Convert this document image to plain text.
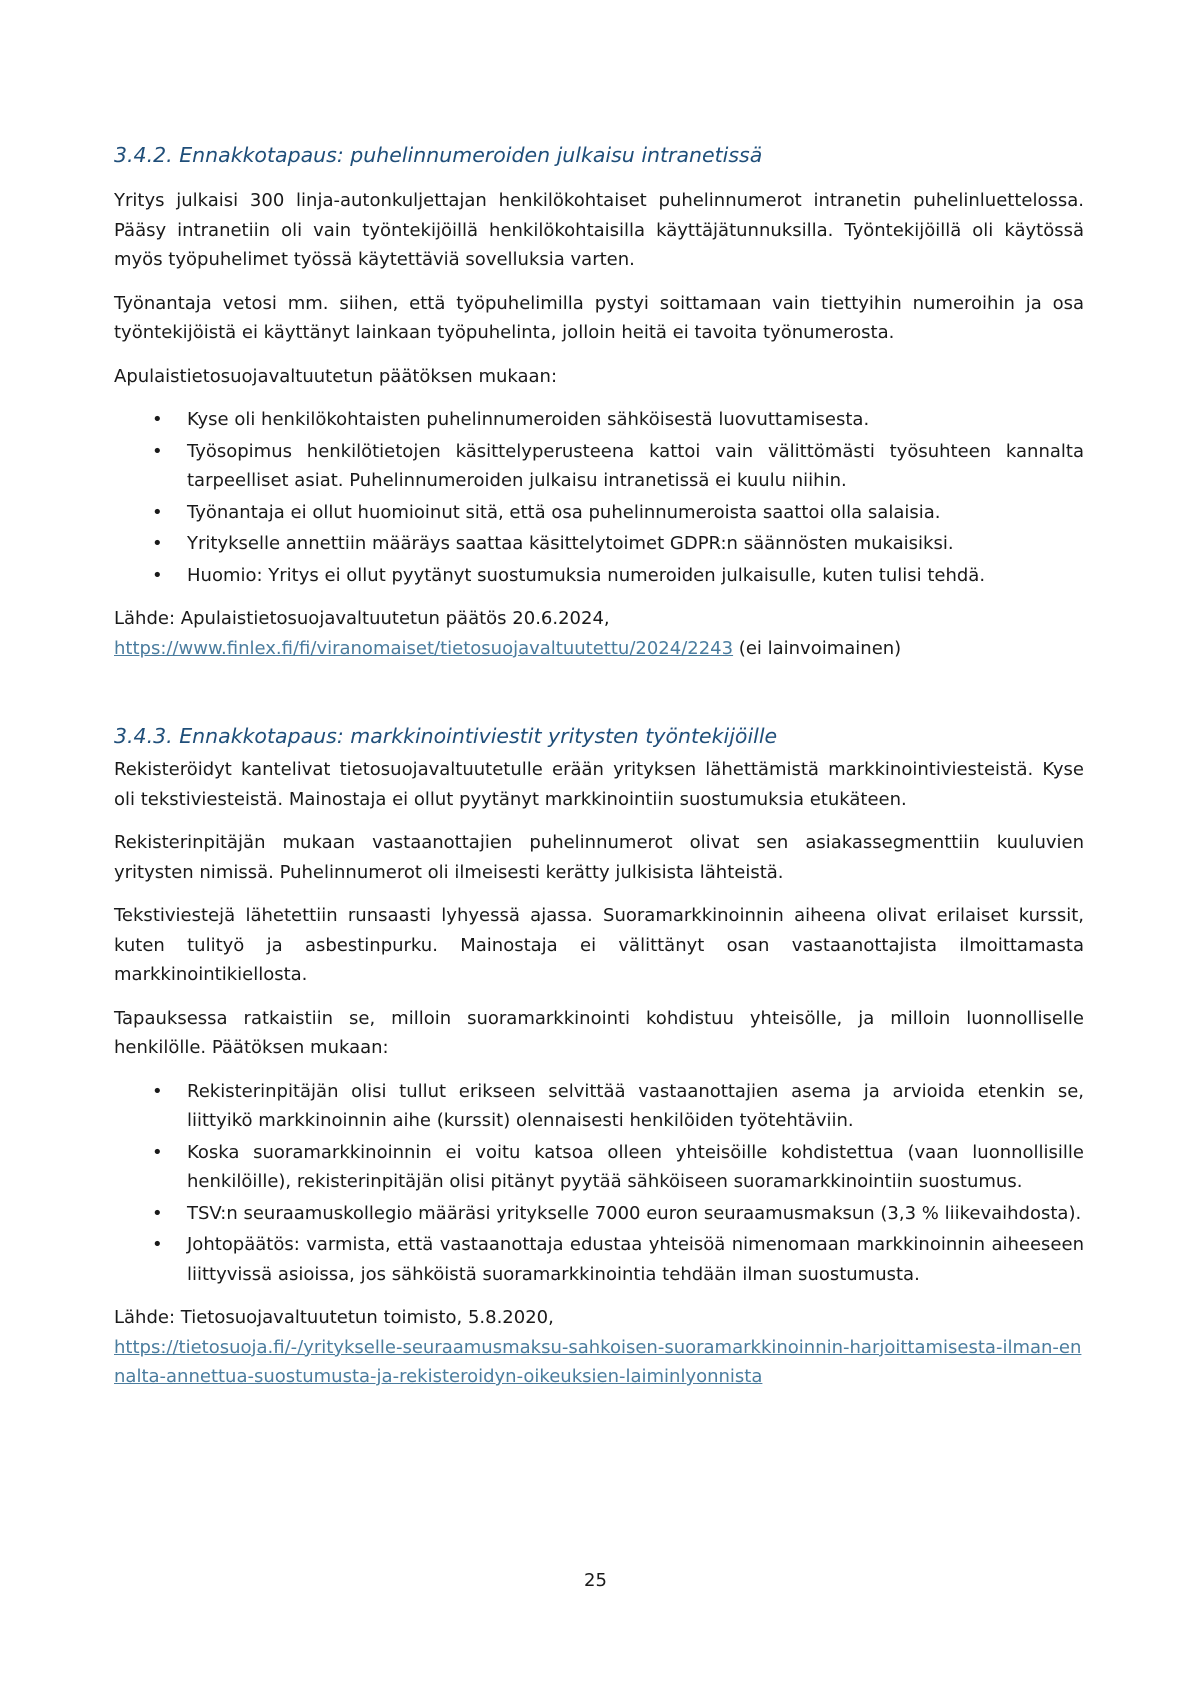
3.4.2. Ennakkotapaus: puhelinnumeroiden julkaisu intranetissä

Yritys julkaisi 300 linja-autonkuljettajan henkilökohtaiset puhelinnumerot intranetin puhelinluettelossa. Pääsy intranetiin oli vain työntekijöillä henkilökohtaisilla käyttäjätunnuksilla. Työntekijöillä oli käytössä myös työpuhelimet työssä käytettäviä sovelluksia varten.

Työnantaja vetosi mm. siihen, että työpuhelimilla pystyi soittamaan vain tiettyihin numeroihin ja osa työntekijöistä ei käyttänyt lainkaan työpuhelinta, jolloin heitä ei tavoita työnumerosta.

Apulaistietosuojavaltuutetun päätöksen mukaan:

• Kyse oli henkilökohtaisten puhelinnumeroiden sähköisestä luovuttamisesta.
• Työsopimus henkilötietojen käsittelyperusteena kattoi vain välittömästi työsuhteen kannalta tarpeelliset asiat. Puhelinnumeroiden julkaisu intranetissä ei kuulu niihin.
• Työnantaja ei ollut huomioinut sitä, että osa puhelinnumeroista saattoi olla salaisia.
• Yritykselle annettiin määräys saattaa käsittelytoimet GDPR:n säännösten mukaisiksi.
• Huomio: Yritys ei ollut pyytänyt suostumuksia numeroiden julkaisulle, kuten tulisi tehdä.

Lähde: Apulaistietosuojavaltuutetun päätös 20.6.2024,
https://www.finlex.fi/fi/viranomaiset/tietosuojavaltuutettu/2024/2243 (ei lainvoimainen)

3.4.3. Ennakkotapaus: markkinointiviestit yritysten työntekijöille

Rekisteröidyt kantelivat tietosuojavaltuutetulle erään yrityksen lähettämistä markkinointiviesteistä. Kyse oli tekstiviesteistä. Mainostaja ei ollut pyytänyt markkinointiin suostumuksia etukäteen.

Rekisterinpitäjän mukaan vastaanottajien puhelinnumerot olivat sen asiakassegmenttiin kuuluvien yritysten nimissä. Puhelinnumerot oli ilmeisesti kerätty julkisista lähteistä.

Tekstiviestejä lähetettiin runsaasti lyhyessä ajassa. Suoramarkkinoinnin aiheena olivat erilaiset kurssit, kuten tulityö ja asbestinpurku. Mainostaja ei välittänyt osan vastaanottajista ilmoittamasta markkinointikiellosta.

Tapauksessa ratkaistiin se, milloin suoramarkkinointi kohdistuu yhteisölle, ja milloin luonnolliselle henkilölle. Päätöksen mukaan:

• Rekisterinpitäjän olisi tullut erikseen selvittää vastaanottajien asema ja arvioida etenkin se, liittyikö markkinoinnin aihe (kurssit) olennaisesti henkilöiden työtehtäviin.
• Koska suoramarkkinoinnin ei voitu katsoa olleen yhteisöille kohdistettua (vaan luonnollisille henkilöille), rekisterinpitäjän olisi pitänyt pyytää sähköiseen suoramarkkinointiin suostumus.
• TSV:n seuraamuskollegio määräsi yritykselle 7000 euron seuraamusmaksun (3,3 % liikevaihdosta).
• Johtopäätös: varmista, että vastaanottaja edustaa yhteisöä nimenomaan markkinoinnin aiheeseen liittyvissä asioissa, jos sähköistä suoramarkkinointia tehdään ilman suostumusta.

Lähde: Tietosuojavaltuutetun toimisto, 5.8.2020,
https://tietosuoja.fi/-/yritykselle-seuraamusmaksu-sahkoisen-suoramarkkinoinnin-harjoittamisesta-ilman-ennalta-annettua-suostumusta-ja-rekisteroidyn-oikeuksien-laiminlyonnista

25
